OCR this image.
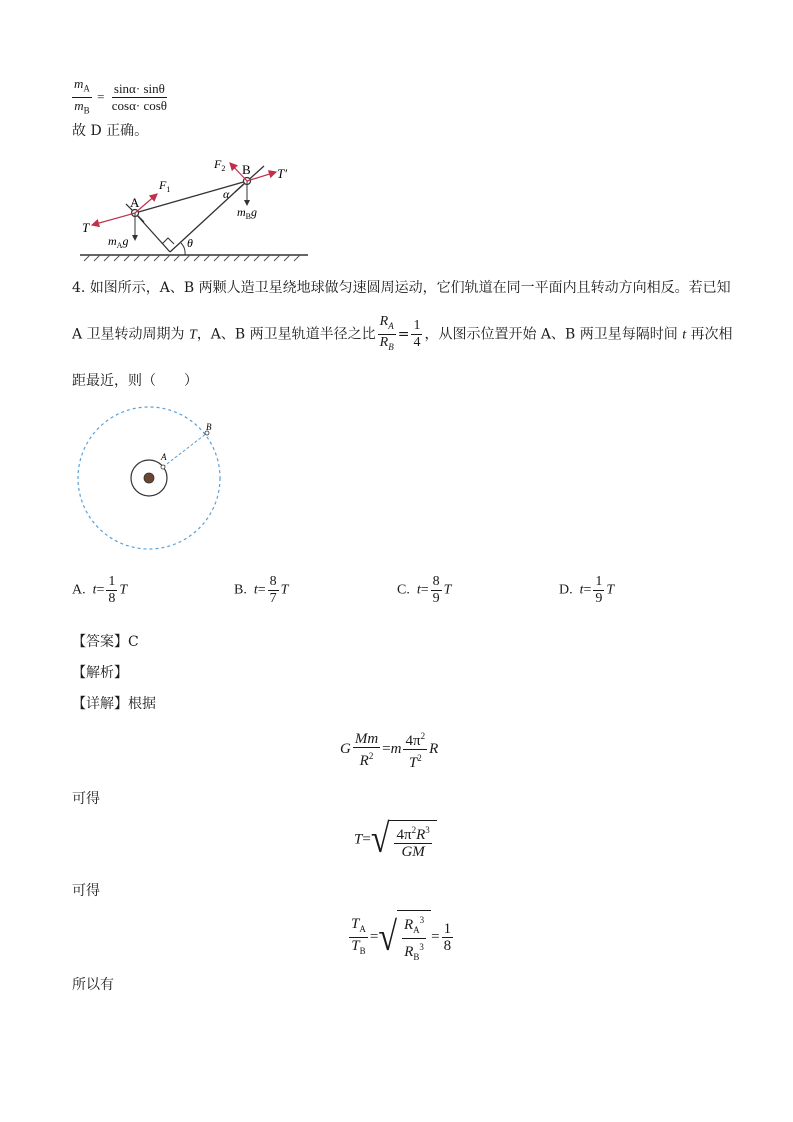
$\frac{m_A}{m_B} = \frac{\sin\alpha\cdot \sin\theta}{\cos\alpha\cdot \cos\theta}$
故 D 正确。
A
B
$F_1$
$F_2$
T
T′
α
θ
$m_Ag$
$m_Bg$
4. 如图所示，A、B 两颗人造卫星绕地球做匀速圆周运动，它们轨道在同一平面内且转动方向相反。若已知
A 卫星转动周期为 T，A、B 两卫星轨道半径之比 $\frac{R_A}{R_B} = \frac{1}{4}$ ，从图示位置开始 A、B 两卫星每隔时间 t 再次相
距最近，则（　　）
A
B
A. $t= \frac{1}{8}$ T	B. $t= \frac{8}{7}$ T	C. $t= \frac{8}{9}$ T	D. $t= \frac{1}{9}$ T
【答案】C
【解析】
【详解】根据
G $\frac{Mm}{R^2} =m \frac{4\pi^2}{T^2}$ R
可得
T= √ $\frac{4\pi^2R^3}{GM}$
可得
$\frac{T_A}{T_B}$ = √ $\frac{R_A^3}{R_B^3} = \frac{1}{8}$
所以有
